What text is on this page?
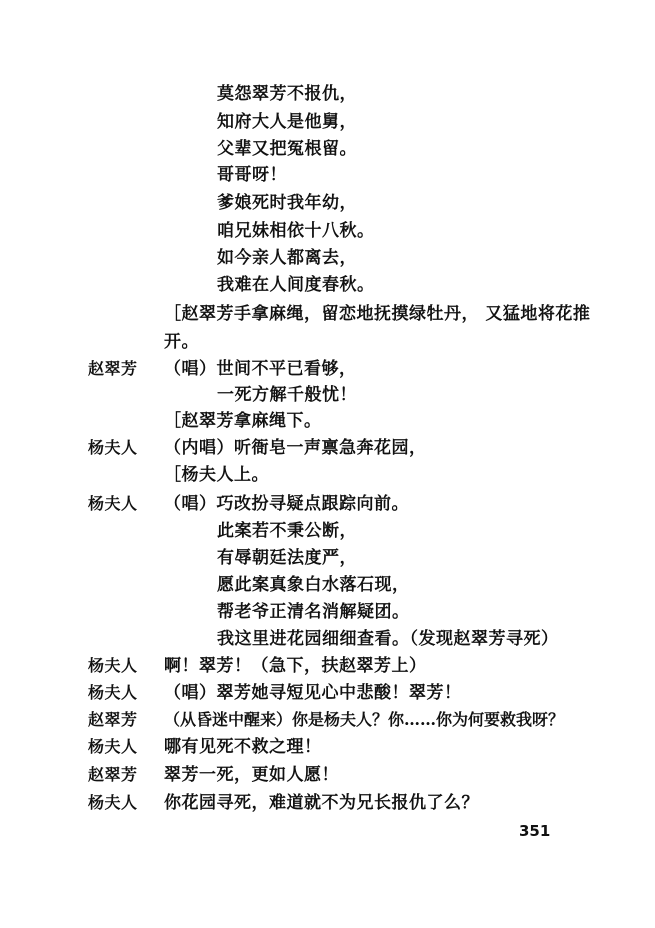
莫怨翠芳不报仇，
知府大人是他舅，
父辈又把冤根留。
哥哥呀！
爹娘死时我年幼，
咱兄妹相依十八秋。
如今亲人都离去，
我难在人间度春秋。
［赵翠芳手拿麻绳，留恋地抚摸绿牡丹， 又猛地将花推
开。
赵翠芳 （唱）世间不平已看够，
一死方解千般忧！
［赵翠芳拿麻绳下。
杨夫人 （内唱）听衙皂一声禀急奔花园，
［杨夫人上。
杨夫人 （唱）巧改扮寻疑点跟踪向前。
此案若不秉公断，
有辱朝廷法度严，
愿此案真象白水落石现，
帮老爷正清名消解疑团。
我这里进花园细细查看。（发现赵翠芳寻死）
杨夫人 啊！翠芳！（急下，扶赵翠芳上）
杨夫人 （唱）翠芳她寻短见心中悲酸！翠芳！
赵翠芳 （从昏迷中醒来）你是杨夫人？你……你为何要救我呀？
杨夫人 哪有见死不救之理！
赵翠芳 翠芳一死，更如人愿！
杨夫人 你花园寻死，难道就不为兄长报仇了么？
351
